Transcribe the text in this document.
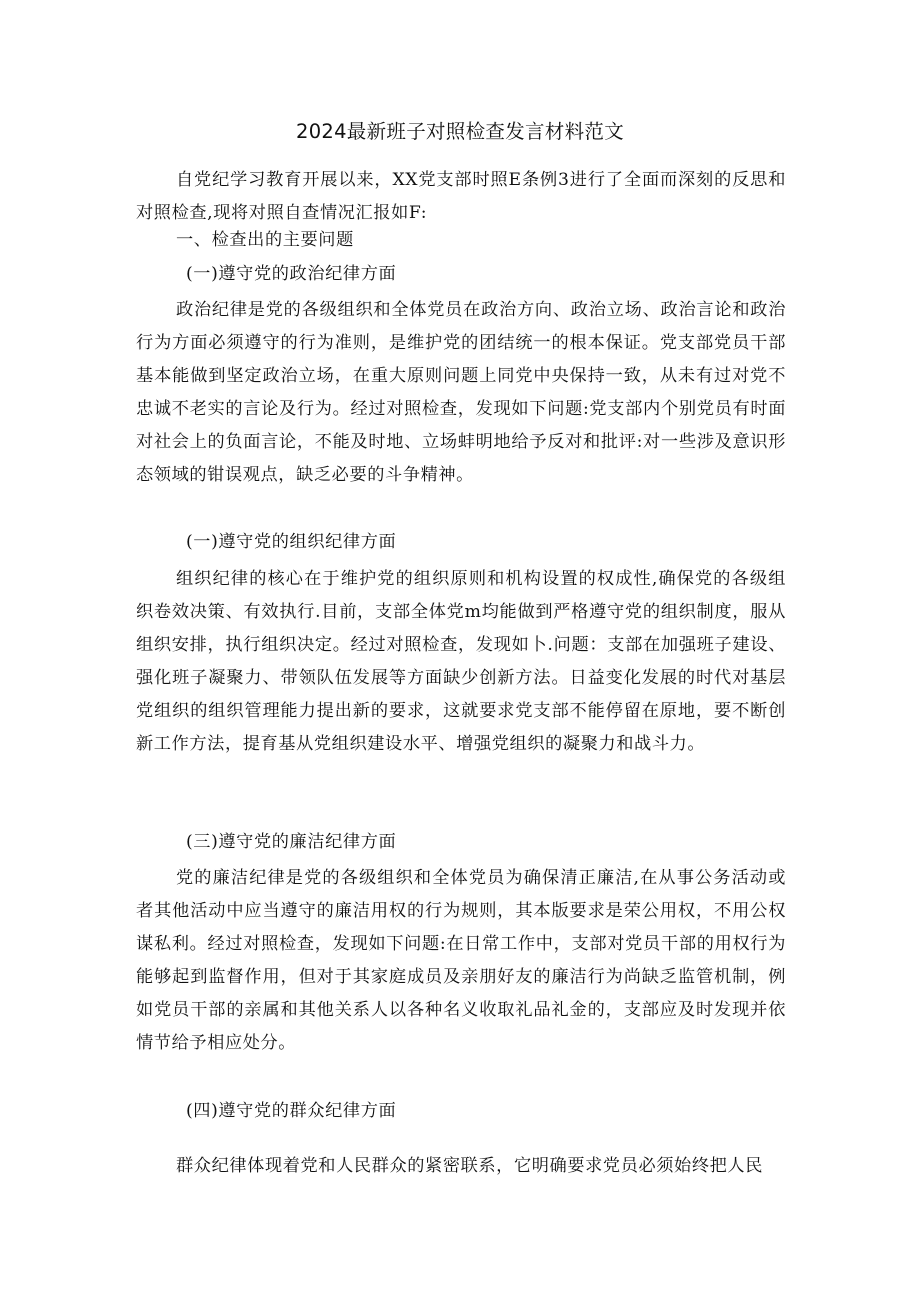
2024最新班子对照检查发言材料范文
自党纪学习教育开展以来，XX党支部时照E条例3进行了全面而深刻的反思和对照检查,现将对照自查情况汇报如F:
一、检查出的主要问题
(一)遵守党的政治纪律方面
政治纪律是党的各级组织和全体党员在政治方向、政治立场、政治言论和政治行为方面必须遵守的行为准则，是维护党的团结统一的根本保证。党支部党员干部基本能做到坚定政治立场，在重大原则问题上同党中央保持一致，从未有过对党不忠诚不老实的言论及行为。经过对照检查，发现如下问题:党支部内个别党员有时面对社会上的负面言论，不能及时地、立场蚌明地给予反对和批评:对一些涉及意识形态领域的钳误观点，缺乏必要的斗争精神。
(一)遵守党的组织纪律方面
组织纪律的核心在于维护党的组织原则和机构设置的权成性,确保党的各级组织卷效决策、有效执行.目前，支部全体党m均能做到严格遵守党的组织制度，服从组织安排，执行组织决定。经过对照检查，发现如卜.问题：支部在加强班子建设、强化班子凝聚力、带领队伍发展等方面缺少创新方法。日益变化发展的时代对基层党组织的组织管理能力提出新的要求，这就要求党支部不能停留在原地，要不断创新工作方法，提育基从党组织建设水平、增强党组织的凝聚力和战斗力。
(三)遵守党的廉洁纪律方面
党的廉洁纪律是党的各级组织和全体党员为确保清正廉洁,在从事公务活动或者其他活动中应当遵守的廉洁用权的行为规则，其本版要求是荣公用权，不用公权谋私利。经过对照检查，发现如下问题:在日常工作中，支部对党员干部的用权行为能够起到监督作用，但对于其家庭成员及亲朋好友的廉洁行为尚缺乏监管机制，例如党员干部的亲属和其他关系人以各种名义收取礼品礼金的，支部应及时发现并依情节给予相应处分。
(四)遵守党的群众纪律方面
群众纪律体现着党和人民群众的紧密联系，它明确要求党员必须始终把人民
